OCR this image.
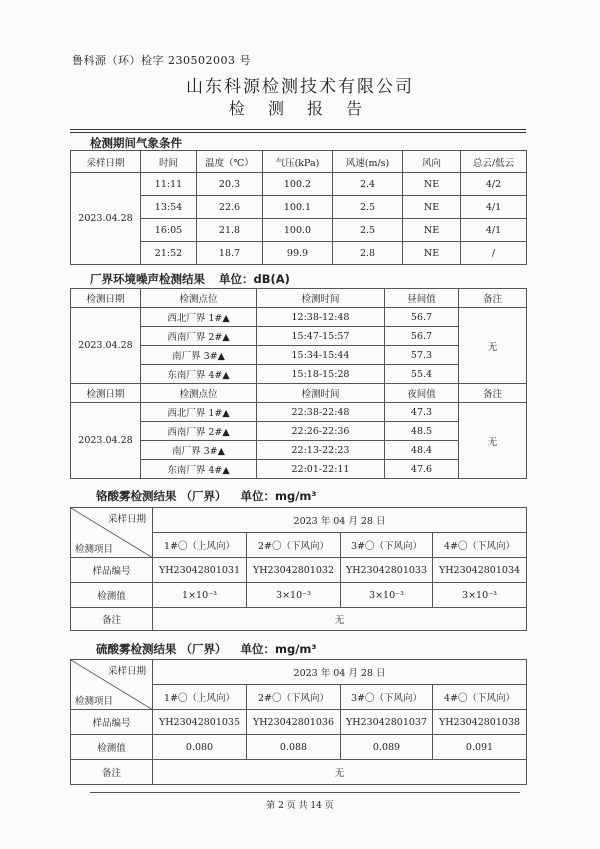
鲁科源（环）检字 230502003 号
山东科源检测技术有限公司
检 测 报 告
检测期间气象条件
采样日期	时间	温度（℃）	气压(kPa)	风速(m/s)	风向	总云/低云
2023.04.28	11:11	20.3	100.2	2.4	NE	4/2
	13:54	22.6	100.1	2.5	NE	4/1
	16:05	21.8	100.0	2.5	NE	4/1
	21:52	18.7	99.9	2.8	NE	/
厂界环境噪声检测结果 单位：dB(A)
检测日期	检测点位	检测时间	昼间值	备注
2023.04.28	西北厂界 1#▲	12:38-12:48	56.7	无
	西南厂界 2#▲	15:47-15:57	56.7	
	南厂界 3#▲	15:34-15:44	57.3	
	东南厂界 4#▲	15:18-15:28	55.4	
检测日期	检测点位	检测时间	夜间值	备注
2023.04.28	西北厂界 1#▲	22:38-22:48	47.3	无
	西南厂界 2#▲	22:26-22:36	48.5	
	南厂界 3#▲	22:13-22:23	48.4	
	东南厂界 4#▲	22:01-22:11	47.6	
铬酸雾检测结果 （厂界） 单位：mg/m³
采样日期
检测项目	2023 年 04 月 28 日			
	1#〇（上风向）	2#〇（下风向）	3#〇（下风向）	4#〇（下风向）
样品编号	YH23042801031	YH23042801032	YH23042801033	YH23042801034
检测值	1×10⁻³	3×10⁻³	3×10⁻³	3×10⁻³
备注	无			
硫酸雾检测结果 （厂界） 单位：mg/m³
采样日期
检测项目	2023 年 04 月 28 日			
	1#〇（上风向）	2#〇（下风向）	3#〇（下风向）	4#〇（下风向）
样品编号	YH23042801035	YH23042801036	YH23042801037	YH23042801038
检测值	0.080	0.088	0.089	0.091
备注	无			
第 2 页 共 14 页
